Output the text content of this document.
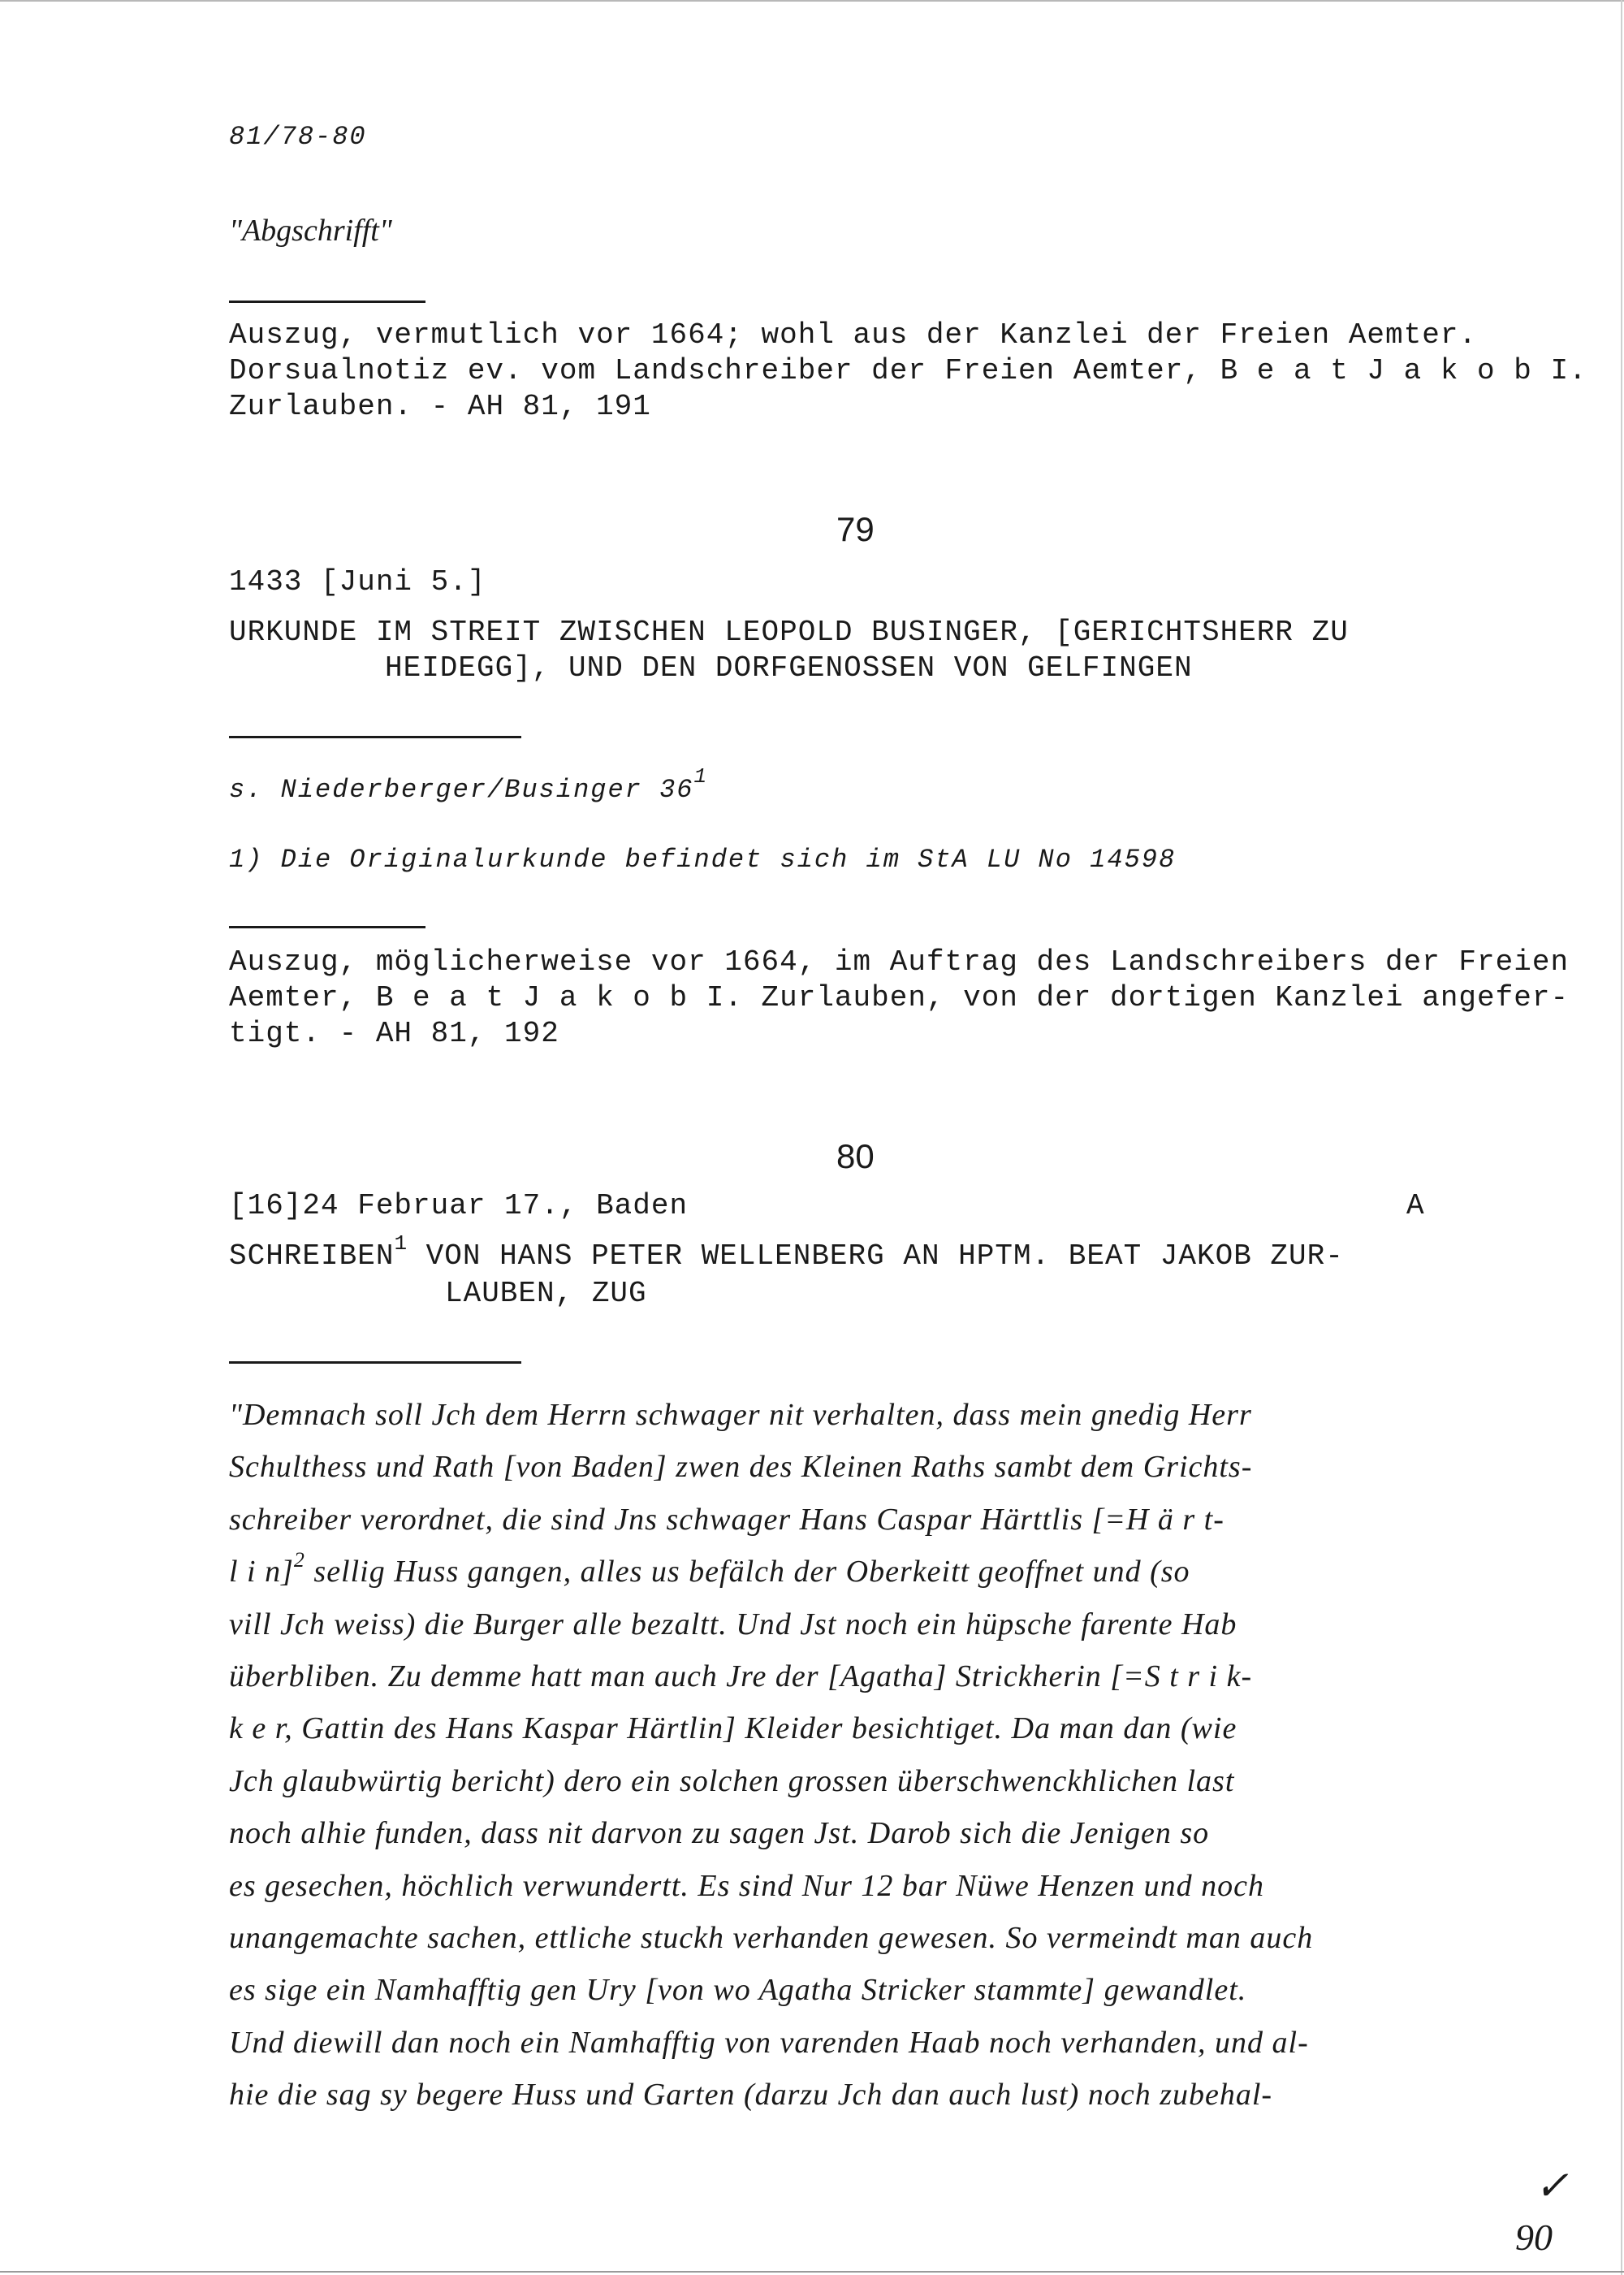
81/78-80
"Abgschrifft"
Auszug, vermutlich vor 1664; wohl aus der Kanzlei der Freien Aemter.
Dorsualnotiz ev. vom Landschreiber der Freien Aemter, B e a t J a k o b I.
Zurlauben. - AH 81, 191
79
1433 [Juni 5.]
URKUNDE IM STREIT ZWISCHEN LEOPOLD BUSINGER, [GERICHTSHERR ZU
HEIDEGG], UND DEN DORFGENOSSEN VON GELFINGEN
s. Niederberger/Businger $36^1$
1) Die Originalurkunde befindet sich im StA LU No 14598
Auszug, möglicherweise vor 1664, im Auftrag des Landschreibers der Freien
Aemter, B e a t J a k o b I. Zurlauben, von der dortigen Kanzlei angefer-
tigt. - AH 81, 192
80
[16]24 Februar 17., Baden	A
SCHREIBEN$^1$ VON HANS PETER WELLENBERG AN HPTM. BEAT JAKOB ZUR-
LAUBEN, ZUG
"Demnach soll Jch dem Herrn schwager nit verhalten, dass mein gnedig Herr
Schulthess und Rath [von Baden] zwen des Kleinen Raths sambt dem Grichts-
schreiber verordnet, die sind Jns schwager Hans Caspar Härttlis [=H ä r t-
l i n]$^2$ sellig Huss gangen, alles us befälch der Oberkeitt geoffnet und (so
vill Jch weiss) die Burger alle bezaltt. Und Jst noch ein hüpsche farente Hab
überbliben. Zu demme hatt man auch Jre der [Agatha] Strickherin [=S t r i k-
k e r, Gattin des Hans Kaspar Härtlin] Kleider besichtiget. Da man dan (wie
Jch glaubwürtig bericht) dero ein solchen grossen überschwenckhlichen last
noch alhie funden, dass nit darvon zu sagen Jst. Darob sich die Jenigen so
es gesechen, höchlich verwundertt. Es sind Nur 12 bar Nüwe Henzen und noch
unangemachte sachen, ettliche stuckh verhanden gewesen. So vermeindt man auch
es sige ein Namhafftig gen Ury [von wo Agatha Stricker stammte] gewandlet.
Und diewill dan noch ein Namhafftig von varenden Haab noch verhanden, und al-
hie die sag sy begere Huss und Garten (darzu Jch dan auch lust) noch zubehal-
✓
90
